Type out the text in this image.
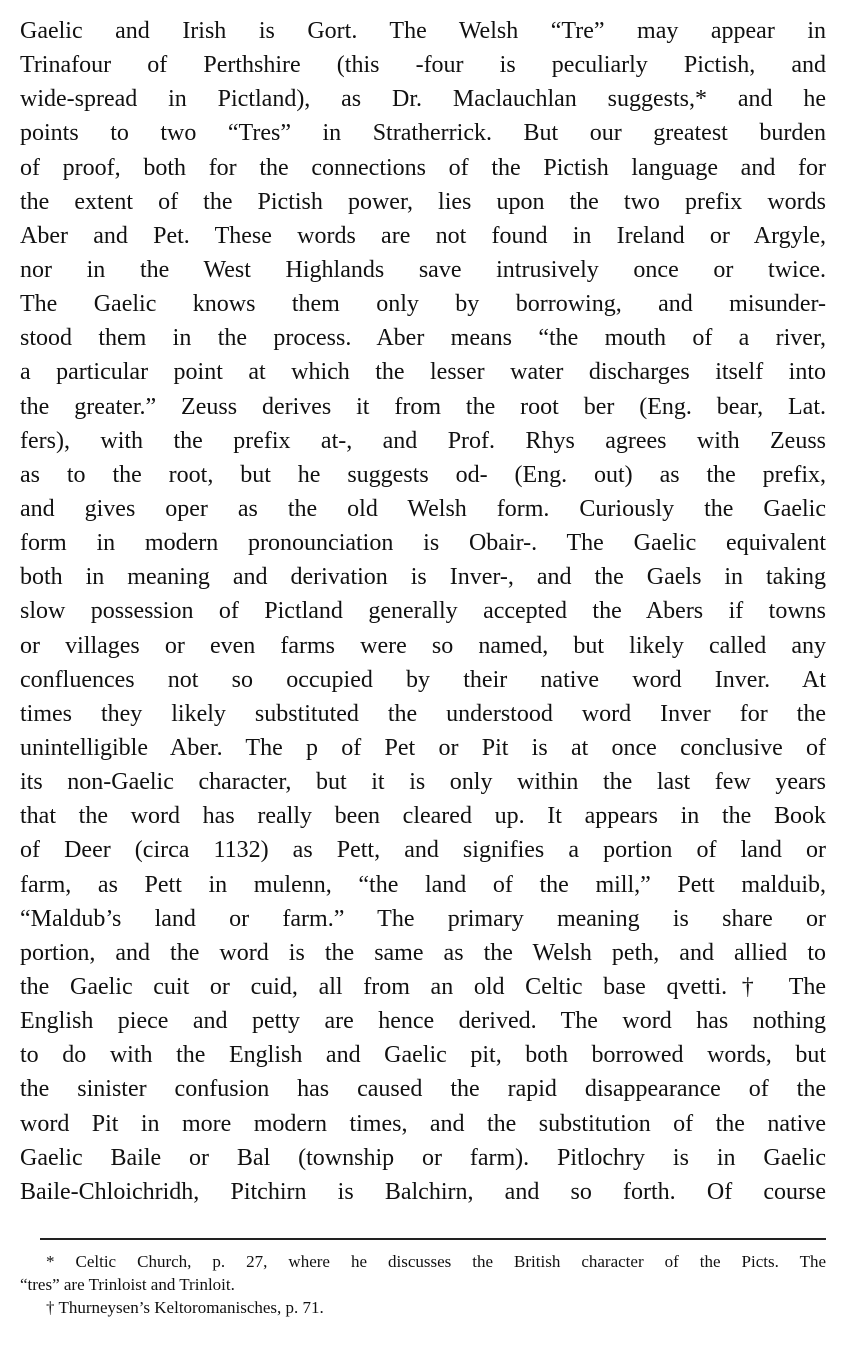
Gaelic and Irish is Gort. The Welsh “Tre” may appear in
Trinafour of Perthshire (this -four is peculiarly Pictish, and
wide-spread in Pictland), as Dr. Maclauchlan suggests,* and he
points to two “Tres” in Stratherrick. But our greatest burden
of proof, both for the connections of the Pictish language and for
the extent of the Pictish power, lies upon the two prefix words
Aber and Pet. These words are not found in Ireland or Argyle,
nor in the West Highlands save intrusively once or twice.
The Gaelic knows them only by borrowing, and misunder-
stood them in the process. Aber means “the mouth of a river,
a particular point at which the lesser water discharges itself into
the greater.” Zeuss derives it from the root ber (Eng. bear, Lat.
fers), with the prefix at-, and Prof. Rhys agrees with Zeuss
as to the root, but he suggests od- (Eng. out) as the prefix,
and gives oper as the old Welsh form. Curiously the Gaelic
form in modern pronounciation is Obair-. The Gaelic equivalent
both in meaning and derivation is Inver-, and the Gaels in taking
slow possession of Pictland generally accepted the Abers if towns
or villages or even farms were so named, but likely called any
confluences not so occupied by their native word Inver. At
times they likely substituted the understood word Inver for the
unintelligible Aber. The p of Pet or Pit is at once conclusive of
its non-Gaelic character, but it is only within the last few years
that the word has really been cleared up. It appears in the Book
of Deer (circa 1132) as Pett, and signifies a portion of land or
farm, as Pett in mulenn, “the land of the mill,” Pett malduib,
“Maldub’s land or farm.” The primary meaning is share or
portion, and the word is the same as the Welsh peth, and allied to
the Gaelic cuit or cuid, all from an old Celtic base qvetti.† The
English piece and petty are hence derived. The word has nothing
to do with the English and Gaelic pit, both borrowed words, but
the sinister confusion has caused the rapid disappearance of the
word Pit in more modern times, and the substitution of the native
Gaelic Baile or Bal (township or farm). Pitlochry is in Gaelic
Baile-Chloichridh, Pitchirn is Balchirn, and so forth. Of course
* Celtic Church, p. 27, where he discusses the British character of the Picts. The
“tres” are Trinloist and Trinloit.
† Thurneysen’s Keltoromanisches, p. 71.
